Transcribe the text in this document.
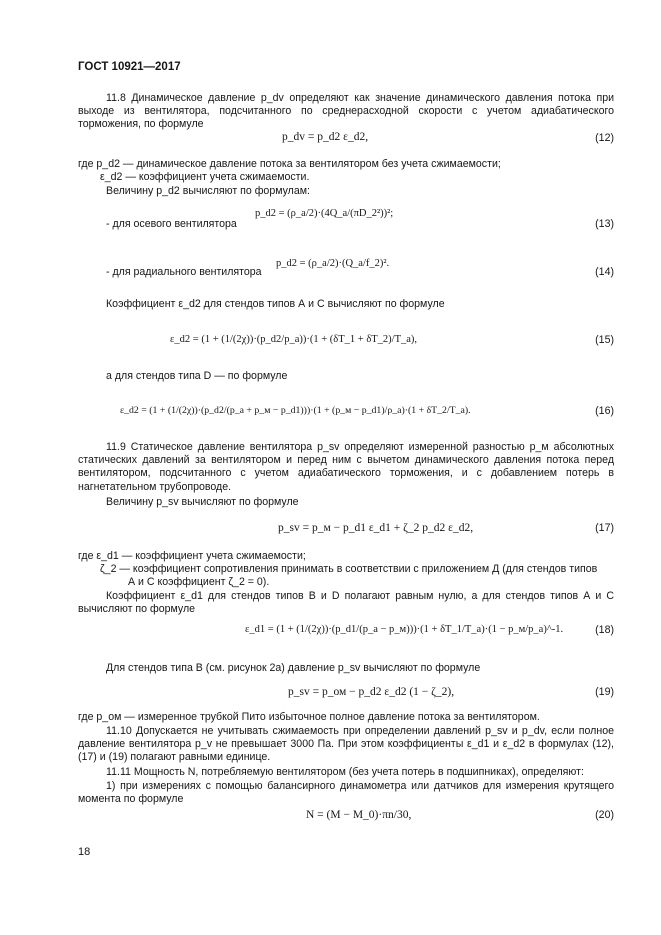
ГОСТ 10921—2017
11.8 Динамическое давление p_dv определяют как значение динамического давления потока при выходе из вентилятора, подсчитанного по среднерасходной скорости с учетом адиабатического торможения, по формуле
p_dv = p_d2 ε_d2,	(12)
где p_d2 — динамическое давление потока за вентилятором без учета сжимаемости;
ε_d2 — коэффициент учета сжимаемости.
Величину p_d2 вычисляют по формулам:
- для осевого вентилятора
p_d2 = (ρ_a/2)·(4Q_a/(πD_2²))²;
(13)
- для радиального вентилятора
p_d2 = (ρ_a/2)·(Q_a/f_2)².
(14)
Коэффициент ε_d2 для стендов типов А и С вычисляют по формуле
ε_d2 = (1 + (1/(2χ))·(p_d2/p_a))·(1 + (δT_1 + δT_2)/T_a),	(15)
а для стендов типа D — по формуле
ε_d2 = (1 + (1/(2χ))·(p_d2/(p_a + p_м − p_d1)))·(1 + (p_м − p_d1)/ρ_a)·(1 + δT_2/T_a).	(16)
11.9 Статическое давление вентилятора p_sv определяют измеренной разностью p_м абсолютных статических давлений за вентилятором и перед ним с вычетом динамического давления потока перед вентилятором, подсчитанного с учетом адиабатического торможения, и с добавлением потерь в нагнетательном трубопроводе.
Величину p_sv вычисляют по формуле
p_sv = p_м − p_d1 ε_d1 + ζ_2 p_d2 ε_d2,	(17)
где ε_d1 — коэффициент учета сжимаемости;
ζ_2 — коэффициент сопротивления принимать в соответствии с приложением Д (для стендов типов
А и С коэффициент ζ_2 = 0).
Коэффициент ε_d1 для стендов типов В и D полагают равным нулю, а для стендов типов А и С вычисляют по формуле
ε_d1 = (1 + (1/(2χ))·(p_d1/(p_a − p_м)))·(1 + δT_1/T_a)·(1 − p_м/p_a)^-1.	(18)
Для стендов типа В (см. рисунок 2а) давление p_sv вычисляют по формуле
p_sv = p_ом − p_d2 ε_d2 (1 − ζ_2),	(19)
где p_ом — измеренное трубкой Пито избыточное полное давление потока за вентилятором.
11.10 Допускается не учитывать сжимаемость при определении давлений p_sv и p_dv, если полное давление вентилятора p_v не превышает 3000 Па. При этом коэффициенты ε_d1 и ε_d2 в формулах (12), (17) и (19) полагают равными единице.
11.11 Мощность N, потребляемую вентилятором (без учета потерь в подшипниках), определяют:
1) при измерениях с помощью балансирного динамометра или датчиков для измерения крутящего момента по формуле
N = (M − M_0)·πn/30,	(20)
18
